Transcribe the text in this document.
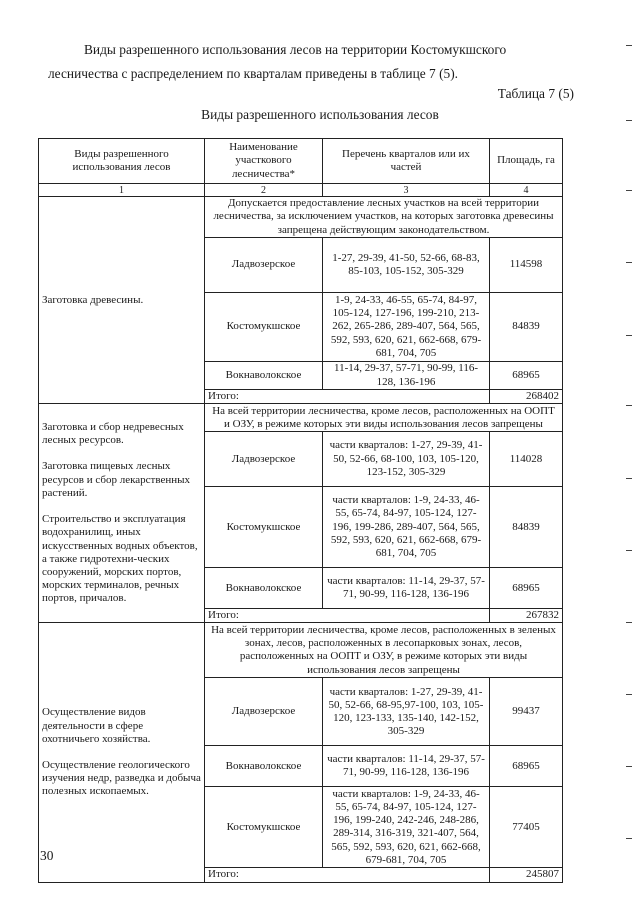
Виды разрешенного использования лесов на территории Костомукшского лесничества с распределением по кварталам приведены в таблице 7 (5).

Таблица 7 (5)
Виды разрешенного использования лесов
Виды разрешенного использования лесов	Наименование участкового лесничества*	Перечень кварталов или их частей	Площадь, га
1	2	3	4

Заготовка древесины.	Допускается предоставление лесных участков на всей территории лесничества, за исключением участков, на которых заготовка древесины запрещена действующим законодательством.		
	Ладвозерское	1-27, 29-39, 41-50, 52-66, 68-83, 85-103, 105-152, 305-329	114598
	Костомукшское	1-9, 24-33, 46-55, 65-74, 84-97, 105-124, 127-196, 199-210, 213-262, 265-286, 289-407, 564, 565, 592, 593, 620, 621, 662-668, 679-681, 704, 705	84839
	Вокнаволокское	11-14, 29-37, 57-71, 90-99, 116-128, 136-196	68965
	Итого:		268402

Заготовка и сбор недревесных лесных ресурсов.

Заготовка пищевых лесных ресурсов и сбор лекарственных растений.

Строительство и эксплуатация водохранилищ, иных искусственных водных объектов, а также гидротехни-ческих сооружений, морских портов, морских терминалов, речных портов, причалов.	На всей территории лесничества, кроме лесов, расположенных на ООПТ и ОЗУ, в режиме которых эти виды использования лесов запрещены		
	Ладвозерское	части кварталов: 1-27, 29-39, 41-50, 52-66, 68-100, 103, 105-120, 123-152, 305-329	114028
	Костомукшское	части кварталов: 1-9, 24-33, 46-55, 65-74, 84-97, 105-124, 127-196, 199-286, 289-407, 564, 565, 592, 593, 620, 621, 662-668, 679-681, 704, 705	84839
	Вокнаволокское	части кварталов: 11-14, 29-37, 57-71, 90-99, 116-128, 136-196	68965
	Итого:		267832

Осуществление видов деятельности в сфере охотничьего хозяйства.

Осуществление геологического изучения недр, разведка и добыча полезных ископаемых.	На всей территории лесничества, кроме лесов, расположенных в зеленых зонах, лесов, расположенных в лесопарковых зонах, лесов, расположенных на ООПТ и ОЗУ, в режиме которых эти виды использования лесов запрещены		
	Ладвозерское	части кварталов: 1-27, 29-39, 41-50, 52-66, 68-95,97-100, 103, 105-120, 123-133, 135-140, 142-152, 305-329	99437
	Вокнаволокское	части кварталов: 11-14, 29-37, 57-71, 90-99, 116-128, 136-196	68965
	Костомукшское	части кварталов: 1-9, 24-33, 46-55, 65-74, 84-97, 105-124, 127-196, 199-240, 242-246, 248-286, 289-314, 316-319, 321-407, 564, 565, 592, 593, 620, 621, 662-668, 679-681, 704, 705	77405
	Итого:		245807
30
